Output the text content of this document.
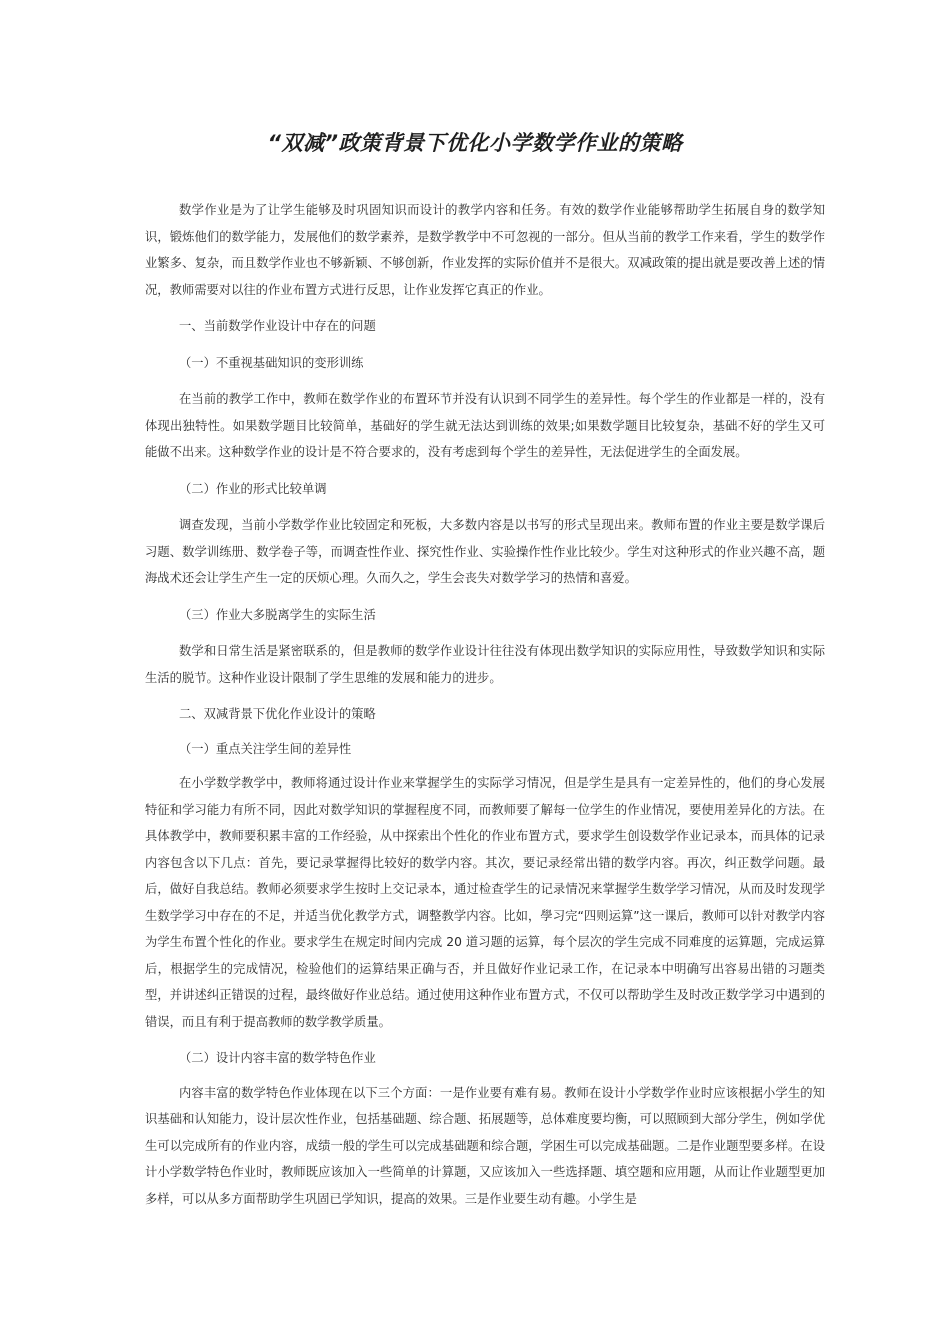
“双减”政策背景下优化小学数学作业的策略

数学作业是为了让学生能够及时巩固知识而设计的教学内容和任务。有效的数学作业能够帮助学生拓展自身的数学知识，锻炼他们的数学能力，发展他们的数学素养，是数学教学中不可忽视的一部分。但从当前的教学工作来看，学生的数学作业繁多、复杂，而且数学作业也不够新颖、不够创新，作业发挥的实际价值并不是很大。双减政策的提出就是要改善上述的情况，教师需要对以往的作业布置方式进行反思，让作业发挥它真正的作业。

一、当前数学作业设计中存在的问题

（一）不重视基础知识的变形训练

在当前的教学工作中，教师在数学作业的布置环节并没有认识到不同学生的差异性。每个学生的作业都是一样的，没有体现出独特性。如果数学题目比较简单，基础好的学生就无法达到训练的效果;如果数学题目比较复杂，基础不好的学生又可能做不出来。这种数学作业的设计是不符合要求的，没有考虑到每个学生的差异性，无法促进学生的全面发展。

（二）作业的形式比较单调

调查发现，当前小学数学作业比较固定和死板，大多数内容是以书写的形式呈现出来。教师布置的作业主要是数学课后习题、数学训练册、数学卷子等，而调查性作业、探究性作业、实验操作性作业比较少。学生对这种形式的作业兴趣不高，题海战术还会让学生产生一定的厌烦心理。久而久之，学生会丧失对数学学习的热情和喜爱。

（三）作业大多脱离学生的实际生活

数学和日常生活是紧密联系的，但是教师的数学作业设计往往没有体现出数学知识的实际应用性，导致数学知识和实际生活的脱节。这种作业设计限制了学生思维的发展和能力的进步。

二、双减背景下优化作业设计的策略

（一）重点关注学生间的差异性

在小学数学教学中，教师将通过设计作业来掌握学生的实际学习情况，但是学生是具有一定差异性的，他们的身心发展特征和学习能力有所不同，因此对数学知识的掌握程度不同，而教师要了解每一位学生的作业情况，要使用差异化的方法。在具体教学中，教师要积累丰富的工作经验，从中探索出个性化的作业布置方式，要求学生创设数学作业记录本，而具体的记录内容包含以下几点：首先，要记录掌握得比较好的数学内容。其次，要记录经常出错的数学内容。再次，纠正数学问题。最后，做好自我总结。教师必须要求学生按时上交记录本，通过检查学生的记录情况来掌握学生数学学习情况，从而及时发现学生数学学习中存在的不足，并适当优化教学方式，调整教学内容。比如，學习完“四则运算”这一课后，教师可以针对教学内容为学生布置个性化的作业。要求学生在规定时间内完成 20 道习题的运算，每个层次的学生完成不同难度的运算题，完成运算后，根据学生的完成情况，检验他们的运算结果正确与否，并且做好作业记录工作，在记录本中明确写出容易出错的习题类型，并讲述纠正错误的过程，最终做好作业总结。通过使用这种作业布置方式，不仅可以帮助学生及时改正数学学习中遇到的错误，而且有利于提高教师的数学教学质量。

（二）设计内容丰富的数学特色作业

内容丰富的数学特色作业体现在以下三个方面：一是作业要有难有易。教师在设计小学数学作业时应该根据小学生的知识基础和认知能力，设计层次性作业，包括基础题、综合题、拓展题等，总体难度要均衡，可以照顾到大部分学生，例如学优生可以完成所有的作业内容，成绩一般的学生可以完成基础题和综合题，学困生可以完成基础题。二是作业题型要多样。在设计小学数学特色作业时，教师既应该加入一些简单的计算题，又应该加入一些选择题、填空题和应用题，从而让作业题型更加多样，可以从多方面帮助学生巩固已学知识，提高的效果。三是作业要生动有趣。小学生是
